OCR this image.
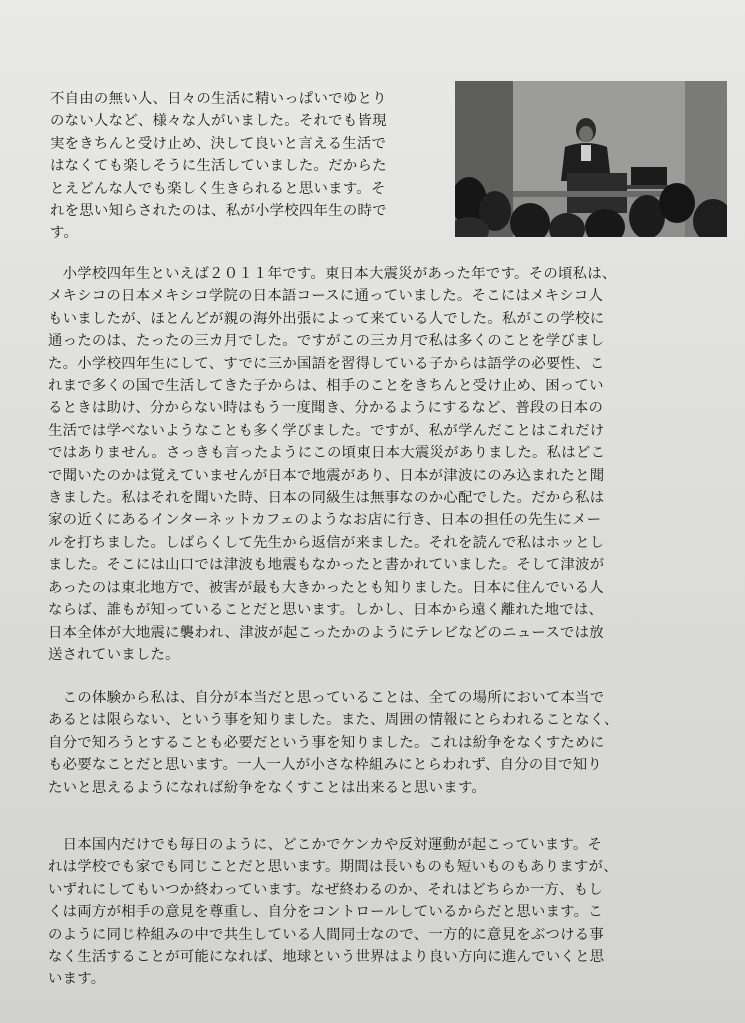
不自由の無い人、日々の生活に精いっぱいでゆとり
のない人など、様々な人がいました。それでも皆現
実をきちんと受け止め、決して良いと言える生活で
はなくても楽しそうに生活していました。だからた
とえどんな人でも楽しく生きられると思います。そ
れを思い知らされたのは、私が小学校四年生の時で
す。
　小学校四年生といえば２０１１年です。東日本大震災があった年です。その頃私は、
メキシコの日本メキシコ学院の日本語コースに通っていました。そこにはメキシコ人
もいましたが、ほとんどが親の海外出張によって来ている人でした。私がこの学校に
通ったのは、たったの三カ月でした。ですがこの三カ月で私は多くのことを学びまし
た。小学校四年生にして、すでに三か国語を習得している子からは語学の必要性、こ
れまで多くの国で生活してきた子からは、相手のことをきちんと受け止め、困ってい
るときは助け、分からない時はもう一度聞き、分かるようにするなど、普段の日本の
生活では学べないようなことも多く学びました。ですが、私が学んだことはこれだけ
ではありません。さっきも言ったようにこの頃東日本大震災がありました。私はどこ
で聞いたのかは覚えていませんが日本で地震があり、日本が津波にのみ込まれたと聞
きました。私はそれを聞いた時、日本の同級生は無事なのか心配でした。だから私は
家の近くにあるインターネットカフェのようなお店に行き、日本の担任の先生にメー
ルを打ちました。しばらくして先生から返信が来ました。それを読んで私はホッとし
ました。そこには山口では津波も地震もなかったと書かれていました。そして津波が
あったのは東北地方で、被害が最も大きかったとも知りました。日本に住んでいる人
ならば、誰もが知っていることだと思います。しかし、日本から遠く離れた地では、
日本全体が大地震に襲われ、津波が起こったかのようにテレビなどのニュースでは放
送されていました。
　この体験から私は、自分が本当だと思っていることは、全ての場所において本当で
あるとは限らない、という事を知りました。また、周囲の情報にとらわれることなく、
自分で知ろうとすることも必要だという事を知りました。これは紛争をなくすために
も必要なことだと思います。一人一人が小さな枠組みにとらわれず、自分の目で知り
たいと思えるようになれば紛争をなくすことは出来ると思います。
　日本国内だけでも毎日のように、どこかでケンカや反対運動が起こっています。そ
れは学校でも家でも同じことだと思います。期間は長いものも短いものもありますが、
いずれにしてもいつか終わっています。なぜ終わるのか、それはどちらか一方、もし
くは両方が相手の意見を尊重し、自分をコントロールしているからだと思います。こ
のように同じ枠組みの中で共生している人間同士なので、一方的に意見をぶつける事
なく生活することが可能になれば、地球という世界はより良い方向に進んでいくと思
います。
